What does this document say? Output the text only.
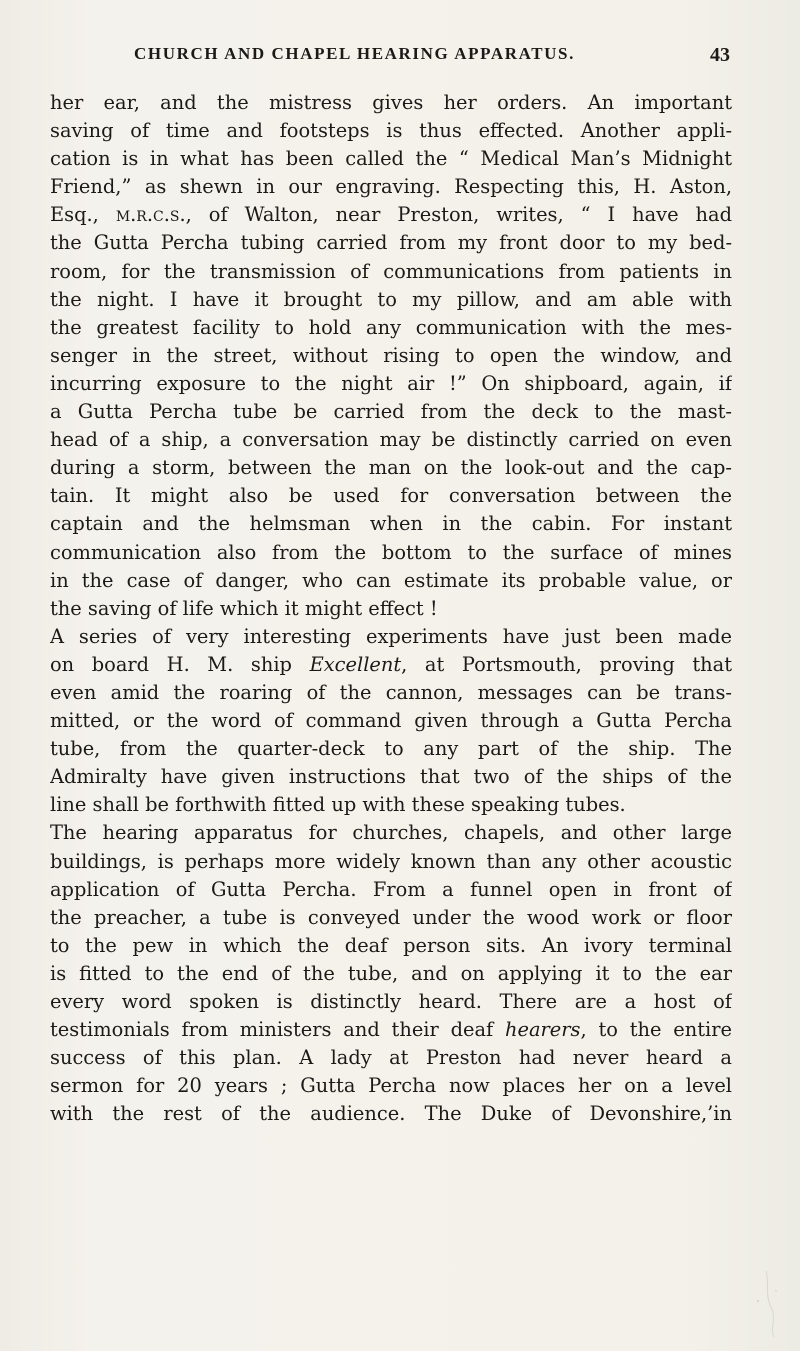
CHURCH AND CHAPEL HEARING APPARATUS.	43
her ear, and the mistress gives her orders. An important
saving of time and footsteps is thus effected. Another appli-
cation is in what has been called the “ Medical Man’s Midnight
Friend,” as shewn in our engraving. Respecting this, H. Aston,
Esq., m.r.c.s., of Walton, near Preston, writes, “ I have had
the Gutta Percha tubing carried from my front door to my bed-
room, for the transmission of communications from patients in
the night. I have it brought to my pillow, and am able with
the greatest facility to hold any communication with the mes-
senger in the street, without rising to open the window, and
incurring exposure to the night air !” On shipboard, again, if
a Gutta Percha tube be carried from the deck to the mast-
head of a ship, a conversation may be distinctly carried on even
during a storm, between the man on the look-out and the cap-
tain. It might also be used for conversation between the
captain and the helmsman when in the cabin. For instant
communication also from the bottom to the surface of mines
in the case of danger, who can estimate its probable value, or
the saving of life which it might effect !
A series of very interesting experiments have just been made
on board H. M. ship Excellent, at Portsmouth, proving that
even amid the roaring of the cannon, messages can be trans-
mitted, or the word of command given through a Gutta Percha
tube, from the quarter-deck to any part of the ship. The
Admiralty have given instructions that two of the ships of the
line shall be forthwith fitted up with these speaking tubes.
The hearing apparatus for churches, chapels, and other large
buildings, is perhaps more widely known than any other acoustic
application of Gutta Percha. From a funnel open in front of
the preacher, a tube is conveyed under the wood work or floor
to the pew in which the deaf person sits. An ivory terminal
is fitted to the end of the tube, and on applying it to the ear
every word spoken is distinctly heard. There are a host of
testimonials from ministers and their deaf hearers, to the entire
success of this plan. A lady at Preston had never heard a
sermon for 20 years ; Gutta Percha now places her on a level
with the rest of the audience. The Duke of Devonshire,’in
